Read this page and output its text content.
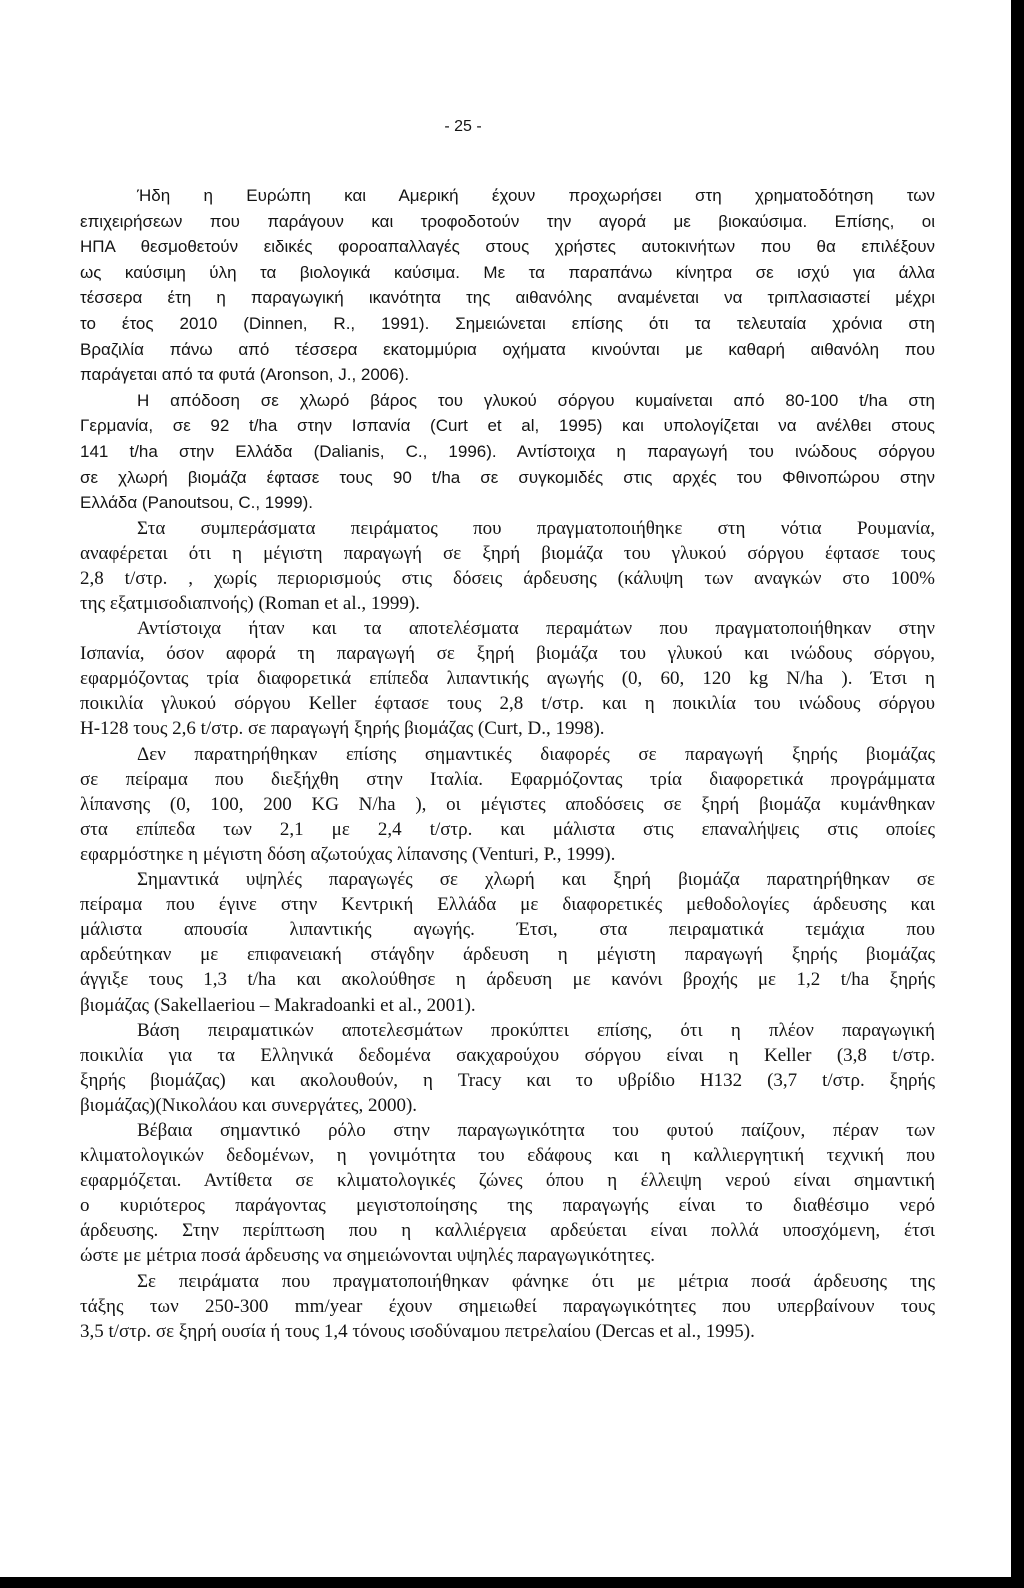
- 25 -
Ήδη η Ευρώπη και Αμερική έχουν προχωρήσει στη χρηματοδότηση των
επιχειρήσεων που παράγουν και τροφοδοτούν την αγορά με βιοκαύσιμα. Επίσης, οι
ΗΠΑ θεσμοθετούν ειδικές φοροαπαλλαγές στους χρήστες αυτοκινήτων που θα επιλέξουν
ως καύσιμη ύλη τα βιολογικά καύσιμα. Με τα παραπάνω κίνητρα σε ισχύ για άλλα
τέσσερα έτη η παραγωγική ικανότητα της αιθανόλης αναμένεται να τριπλασιαστεί μέχρι
το έτος 2010 (Dinnen, R., 1991). Σημειώνεται επίσης ότι τα τελευταία χρόνια στη
Βραζιλία πάνω από τέσσερα εκατομμύρια οχήματα κινούνται με καθαρή αιθανόλη που
παράγεται από τα φυτά (Aronson, J., 2006).
Η απόδοση σε χλωρό βάρος του γλυκού σόργου κυμαίνεται από 80-100 t/ha στη
Γερμανία, σε 92 t/ha στην Ισπανία (Curt et al, 1995) και υπολογίζεται να ανέλθει στους
141 t/ha στην Ελλάδα (Dalianis, C., 1996). Αντίστοιχα η παραγωγή του ινώδους σόργου
σε χλωρή βιομάζα έφτασε τους 90 t/ha σε συγκομιδές στις αρχές του Φθινοπώρου στην
Ελλάδα (Panoutsou, C., 1999).
Στα συμπεράσματα πειράματος που πραγματοποιήθηκε στη νότια Ρουμανία,
αναφέρεται ότι η μέγιστη παραγωγή σε ξηρή βιομάζα του γλυκού σόργου έφτασε τους
2,8 t/στρ. , χωρίς περιορισμούς στις δόσεις άρδευσης (κάλυψη των αναγκών στο 100%
της εξατμισοδιαπνοής) (Roman et al., 1999).
Αντίστοιχα ήταν και τα αποτελέσματα περαμάτων που πραγματοποιήθηκαν στην
Ισπανία, όσον αφορά τη παραγωγή σε ξηρή βιομάζα του γλυκού και ινώδους σόργου,
εφαρμόζοντας τρία διαφορετικά επίπεδα λιπαντικής αγωγής (0, 60, 120 kg N/ha ). Έτσι η
ποικιλία γλυκού σόργου Keller έφτασε τους 2,8 t/στρ. και η ποικιλία του ινώδους σόργου
H-128 τους 2,6 t/στρ. σε παραγωγή ξηρής βιομάζας (Curt, D., 1998).
Δεν παρατηρήθηκαν επίσης σημαντικές διαφορές σε παραγωγή ξηρής βιομάζας
σε πείραμα που διεξήχθη στην Ιταλία. Εφαρμόζοντας τρία διαφορετικά προγράμματα
λίπανσης (0, 100, 200 KG N/ha ), οι μέγιστες αποδόσεις σε ξηρή βιομάζα κυμάνθηκαν
στα επίπεδα των 2,1 με 2,4 t/στρ. και μάλιστα στις επαναλήψεις στις οποίες
εφαρμόστηκε η μέγιστη δόση αζωτούχας λίπανσης (Venturi, P., 1999).
Σημαντικά υψηλές παραγωγές σε χλωρή και ξηρή βιομάζα παρατηρήθηκαν σε
πείραμα που έγινε στην Κεντρική Ελλάδα με διαφορετικές μεθοδολογίες άρδευσης και
μάλιστα απουσία λιπαντικής αγωγής. Έτσι, στα πειραματικά τεμάχια που
αρδεύτηκαν με επιφανειακή στάγδην άρδευση η μέγιστη παραγωγή ξηρής βιομάζας
άγγιξε τους 1,3 t/ha και ακολούθησε η άρδευση με κανόνι βροχής με 1,2 t/ha ξηρής
βιομάζας (Sakellaeriou – Makradoanki et al., 2001).
Βάση πειραματικών αποτελεσμάτων προκύπτει επίσης, ότι η πλέον παραγωγική
ποικιλία για τα Ελληνικά δεδομένα σακχαρούχου σόργου είναι η Keller (3,8 t/στρ.
ξηρής βιομάζας) και ακολουθούν, η Tracy και το υβρίδιο H132 (3,7 t/στρ. ξηρής
βιομάζας)(Νικολάου και συνεργάτες, 2000).
Βέβαια σημαντικό ρόλο στην παραγωγικότητα του φυτού παίζουν, πέραν των
κλιματολογικών δεδομένων, η γονιμότητα του εδάφους και η καλλιεργητική τεχνική που
εφαρμόζεται. Αντίθετα σε κλιματολογικές ζώνες όπου η έλλειψη νερού είναι σημαντική
ο κυριότερος παράγοντας μεγιστοποίησης της παραγωγής είναι το διαθέσιμο νερό
άρδευσης. Στην περίπτωση που η καλλιέργεια αρδεύεται είναι πολλά υποσχόμενη, έτσι
ώστε με μέτρια ποσά άρδευσης να σημειώνονται υψηλές παραγωγικότητες.
Σε πειράματα που πραγματοποιήθηκαν φάνηκε ότι με μέτρια ποσά άρδευσης της
τάξης των 250-300 mm/year έχουν σημειωθεί παραγωγικότητες που υπερβαίνουν τους
3,5 t/στρ. σε ξηρή ουσία ή τους 1,4 τόνους ισοδύναμου πετρελαίου (Dercas et al., 1995).
